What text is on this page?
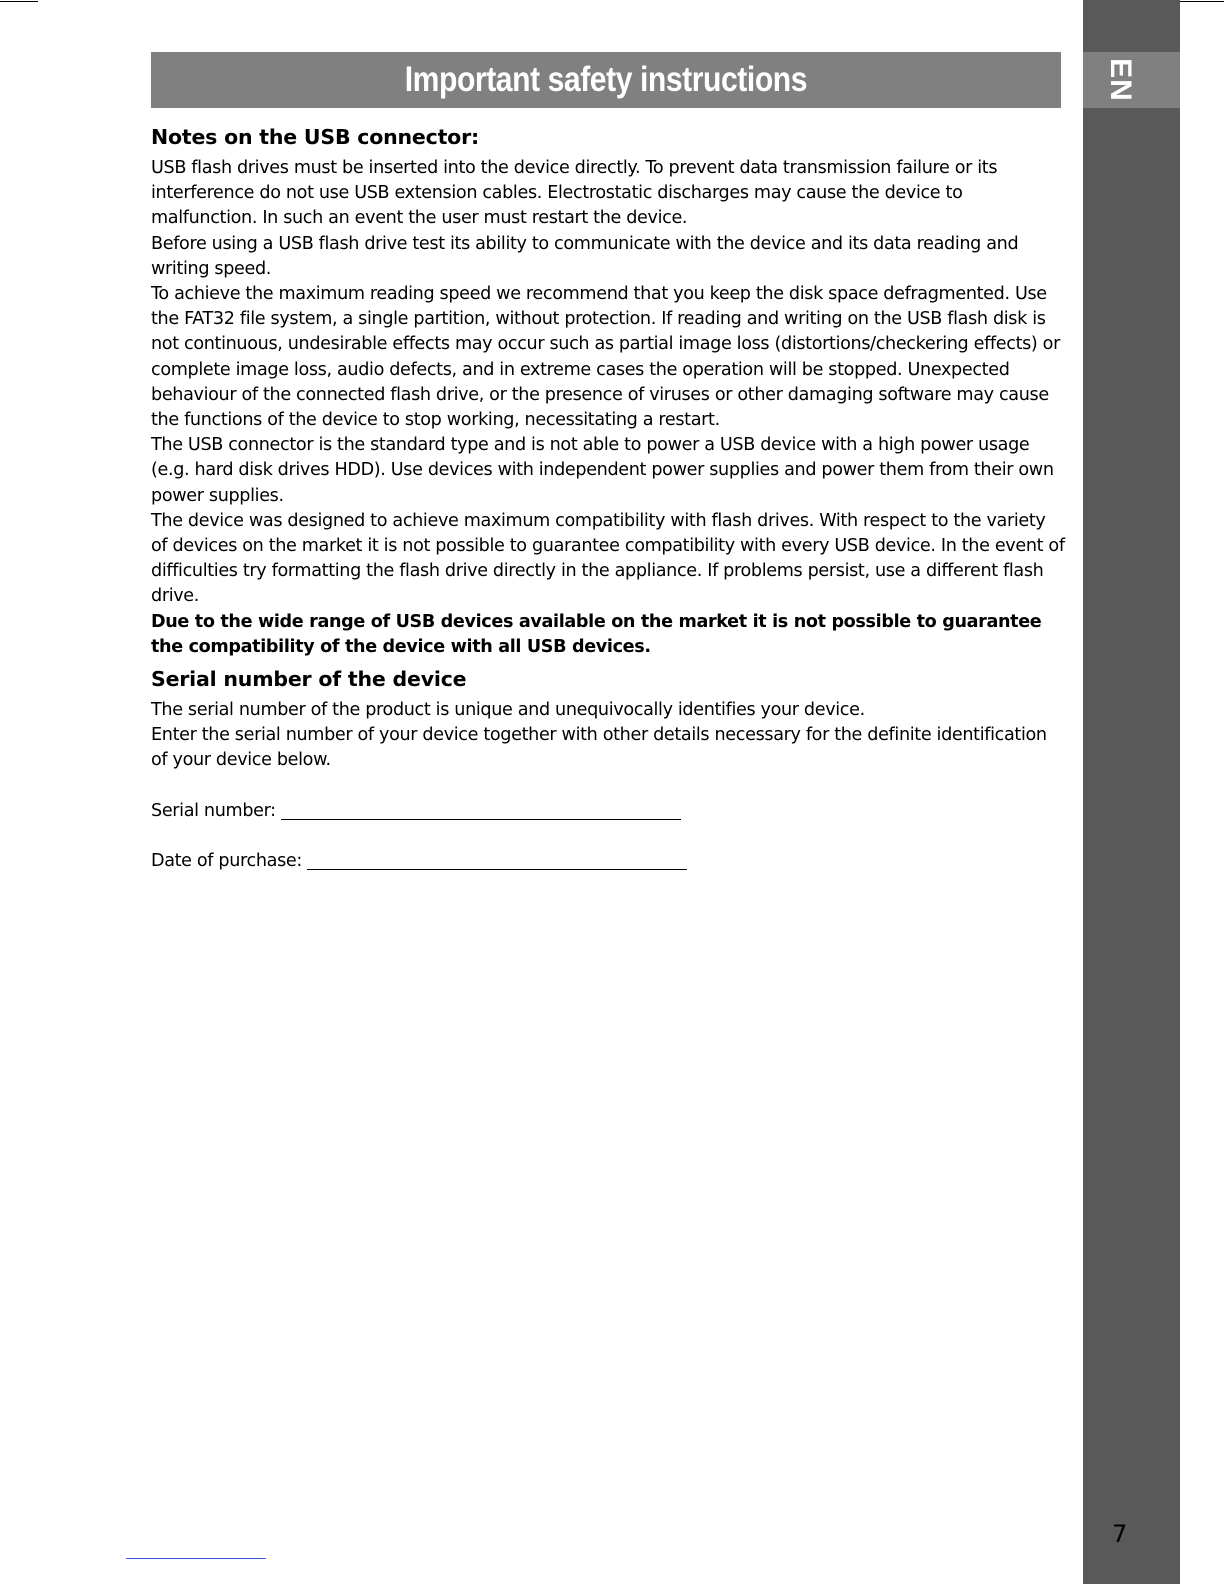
EN
7
Important safety instructions
Notes on the USB connector:

USB flash drives must be inserted into the device directly. To prevent data transmission failure or its interference do not use USB extension cables. Electrostatic discharges may cause the device to malfunction. In such an event the user must restart the device.

Before using a USB flash drive test its ability to communicate with the device and its data reading and writing speed.

To achieve the maximum reading speed we recommend that you keep the disk space defragmented. Use the FAT32 file system, a single partition, without protection. If reading and writing on the USB flash disk is not continuous, undesirable effects may occur such as partial image loss (distortions/checkering effects) or complete image loss, audio defects, and in extreme cases the operation will be stopped. Unexpected behaviour of the connected flash drive, or the presence of viruses or other damaging software may cause the functions of the device to stop working, necessitating a restart.

The USB connector is the standard type and is not able to power a USB device with a high power usage (e.g. hard disk drives HDD). Use devices with independent power supplies and power them from their own power supplies.

The device was designed to achieve maximum compatibility with flash drives. With respect to the variety of devices on the market it is not possible to guarantee compatibility with every USB device. In the event of difficulties try formatting the flash drive directly in the appliance. If problems persist, use a different flash drive.

Due to the wide range of USB devices available on the market it is not possible to guarantee the compatibility of the device with all USB devices.

Serial number of the device

The serial number of the product is unique and unequivocally identifies your device.

Enter the serial number of your device together with other details necessary for the definite identification of your device below.

Serial number:
Date of purchase:
